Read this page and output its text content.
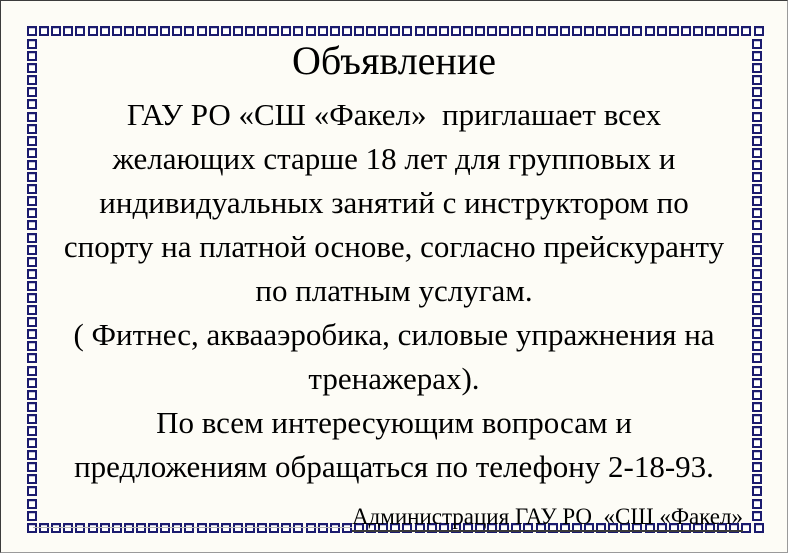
Объявление
ГАУ РО «СШ «Факел»  приглашает всех
желающих старше 18 лет для групповых и
индивидуальных занятий с инструктором по
спорту на платной основе, согласно прейскуранту
по платным услугам.
( Фитнес, аквааэробика, силовые упражнения на
тренажерах).
По всем интересующим вопросам и
предложениям обращаться по телефону 2-18-93.
Администрация ГАУ РО  «СШ «Факел»
